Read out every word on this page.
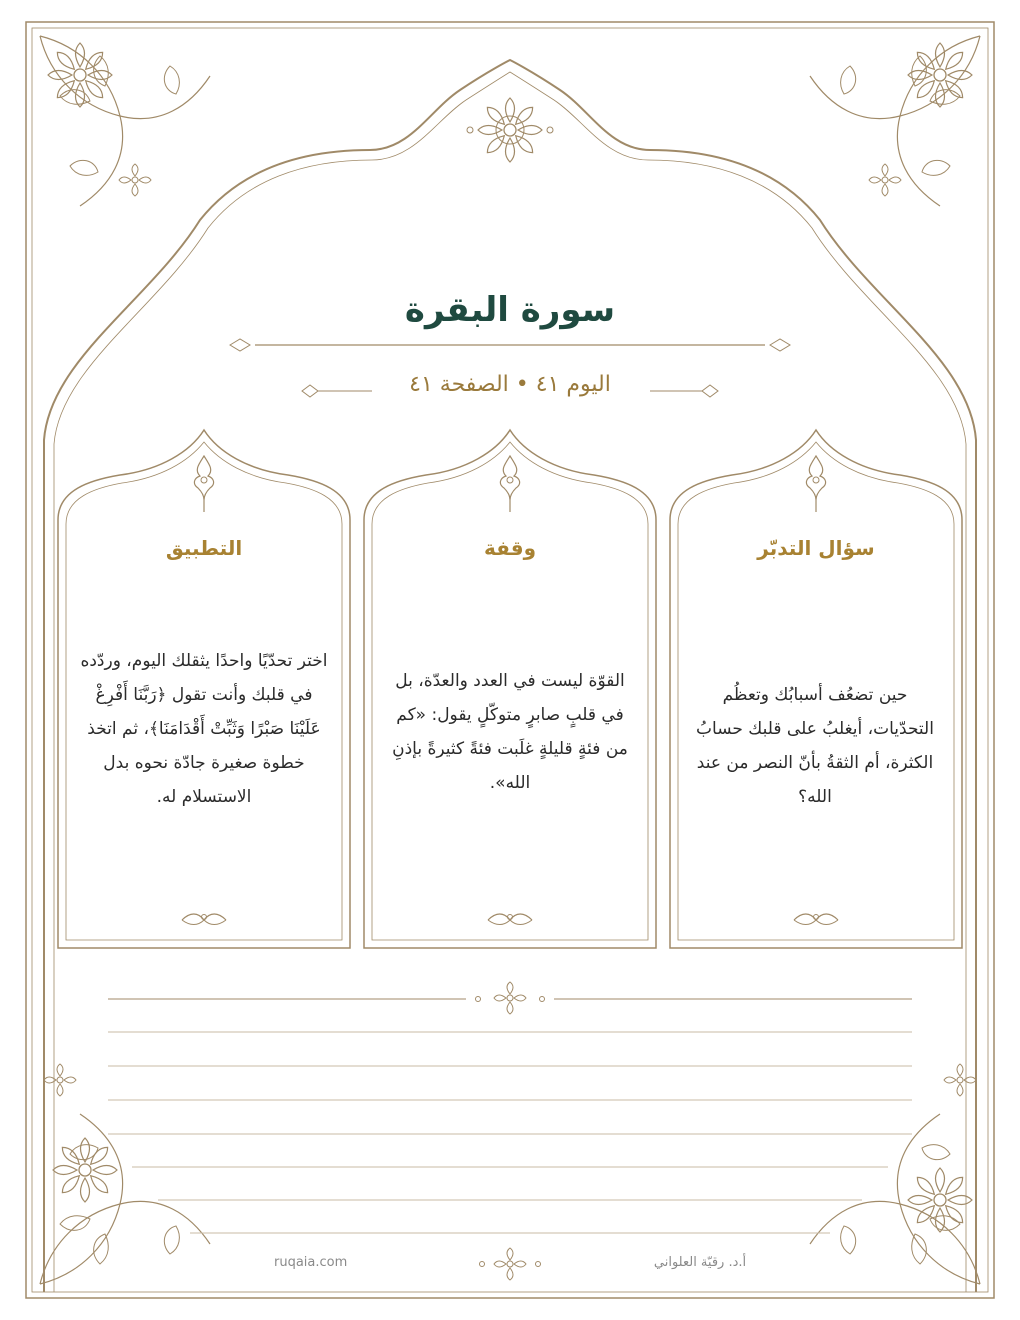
سورة البقرة
اليوم ٤١ • الصفحة ٤١
سؤال التدبّر
حين تضعُف أسبابُك وتعظُم التحدّيات، أيغلبُ على قلبك حسابُ الكثرة، أم الثقةُ بأنّ النصر من عند الله؟
وقفة
القوّة ليست في العدد والعدّة، بل في قلبٍ صابرٍ متوكّلٍ يقول: «كم من فئةٍ قليلةٍ غلَبت فئةً كثيرةً بإذنِ الله».
التطبيق
اختر تحدّيًا واحدًا يثقلك اليوم، وردّده في قلبك وأنت تقول ﴿رَبَّنَا أَفْرِغْ عَلَيْنَا صَبْرًا وَثَبِّتْ أَقْدَامَنَا﴾، ثم اتخذ خطوة صغيرة جادّة نحوه بدل الاستسلام له.
ruqaia.com	أ.د. رقيّة العلواني
